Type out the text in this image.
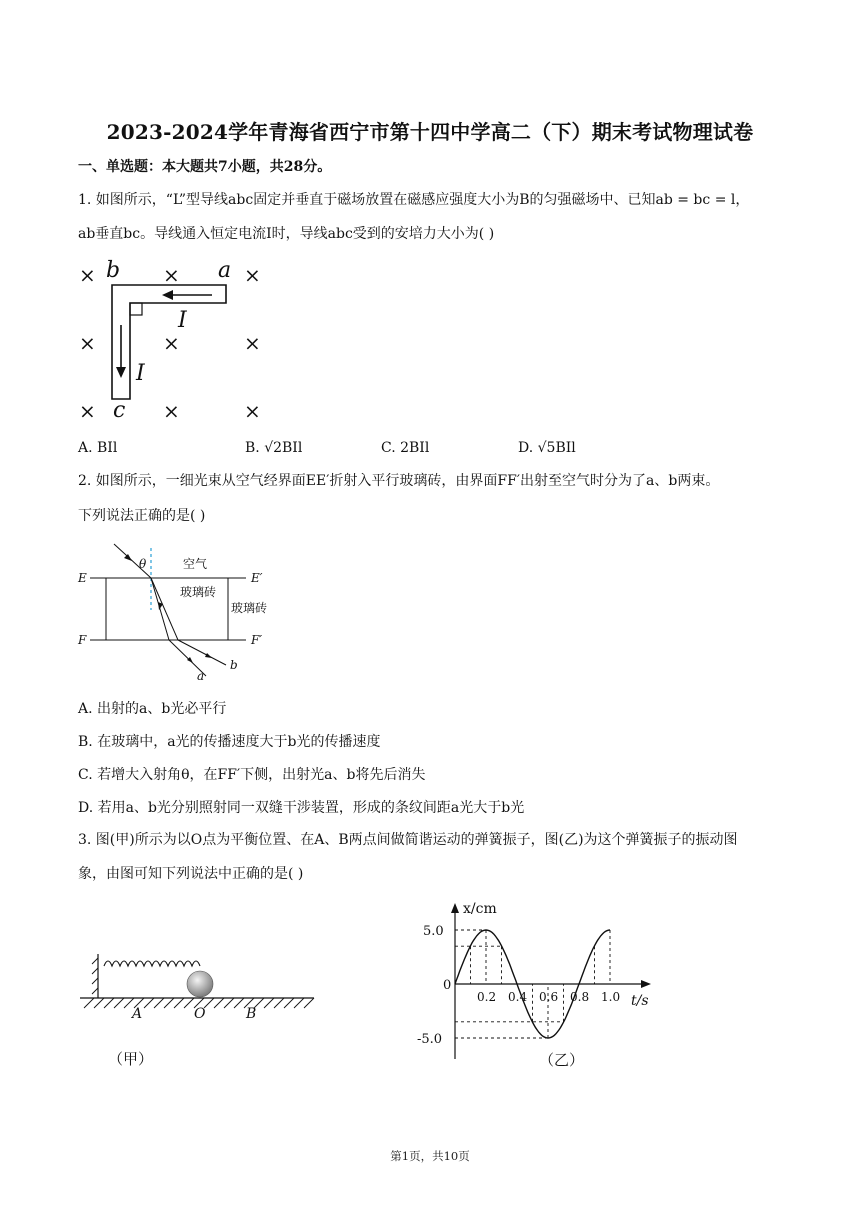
2023-2024学年青海省西宁市第十四中学高二（下）期末考试物理试卷
一、单选题：本大题共7小题，共28分。
1. 如图所示，“L”型导线abc固定并垂直于磁场放置在磁感应强度大小为B的匀强磁场中、已知ab = bc = l，
ab垂直bc。导线通入恒定电流I时，导线abc受到的安培力大小为( )
×	×	×
×	×	×
×	×	×
b	a
c
I
I
A. BIl	B. √2BIl	C. 2BIl	D. √5BIl
2. 如图所示，一细光束从空气经界面EE′折射入平行玻璃砖，由界面FF′出射至空气时分为了a、b两束。
下列说法正确的是( )
E	E′
F	F′
θ	空气
玻璃砖
玻璃砖
a
b
A. 出射的a、b光必平行
B. 在玻璃中，a光的传播速度大于b光的传播速度
C. 若增大入射角θ，在FF′下侧，出射光a、b将先后消失
D. 若用a、b光分别照射同一双缝干涉装置，形成的条纹间距a光大于b光
3. 图(甲)所示为以O点为平衡位置、在A、B两点间做简谐运动的弹簧振子，图(乙)为这个弹簧振子的振动图
象，由图可知下列说法中正确的是( )
A	O	B
（甲）
0.2 0.4 0.6 0.8 1.0
5.0
0
-5.0
x/cm
t/s
（乙）
第1页，共10页
